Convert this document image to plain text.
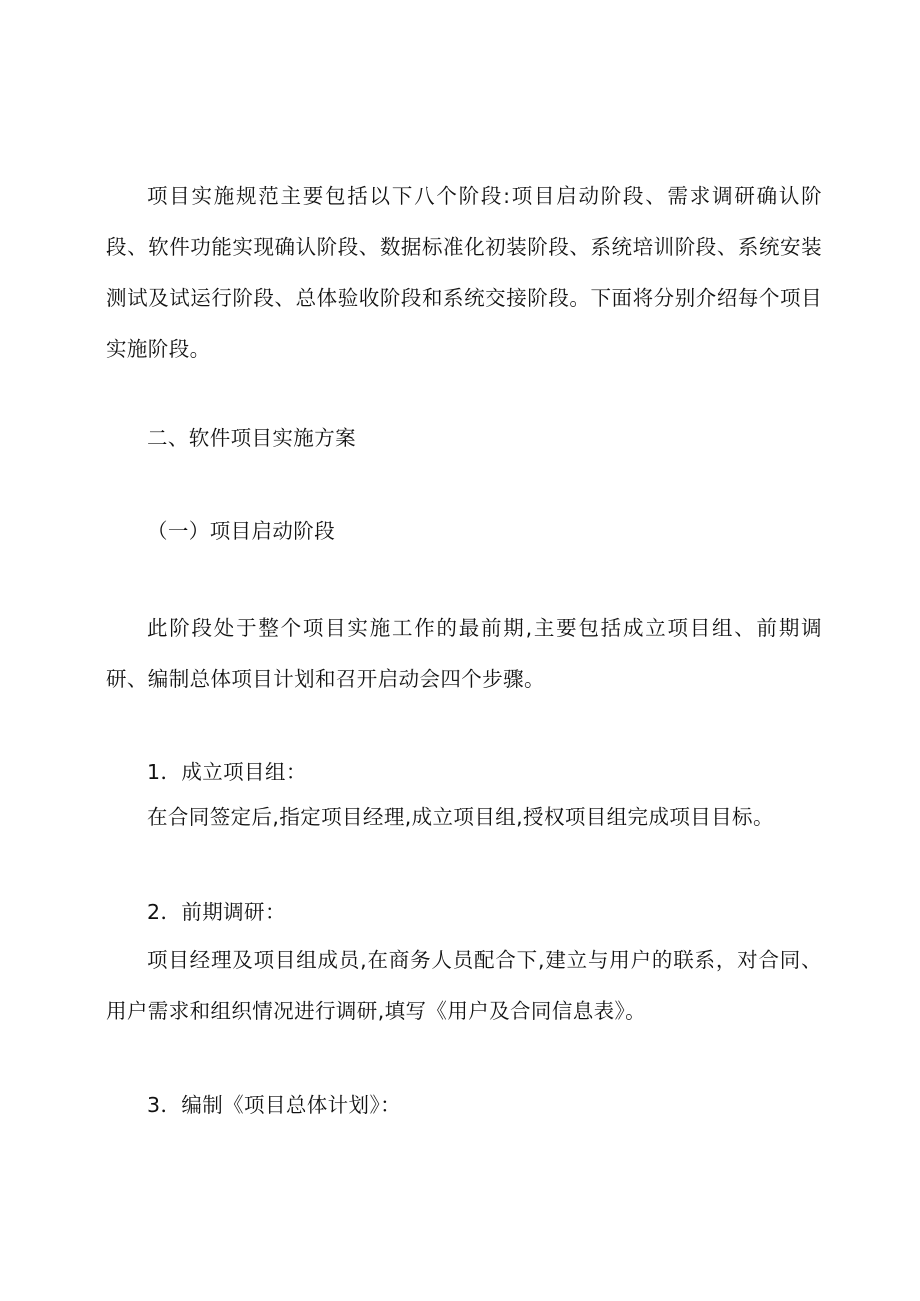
项目实施规范主要包括以下八个阶段:项目启动阶段、需求调研确认阶段、软件功能实现确认阶段、数据标准化初装阶段、系统培训阶段、系统安装测试及试运行阶段、总体验收阶段和系统交接阶段。下面将分别介绍每个项目实施阶段。

二、软件项目实施方案

（一）项目启动阶段

此阶段处于整个项目实施工作的最前期,主要包括成立项目组、前期调研、编制总体项目计划和召开启动会四个步骤。

1．成立项目组：

在合同签定后,指定项目经理,成立项目组,授权项目组完成项目目标。

2．前期调研：

项目经理及项目组成员,在商务人员配合下,建立与用户的联系，对合同、用户需求和组织情况进行调研,填写《用户及合同信息表》。

3．编制《项目总体计划》：
